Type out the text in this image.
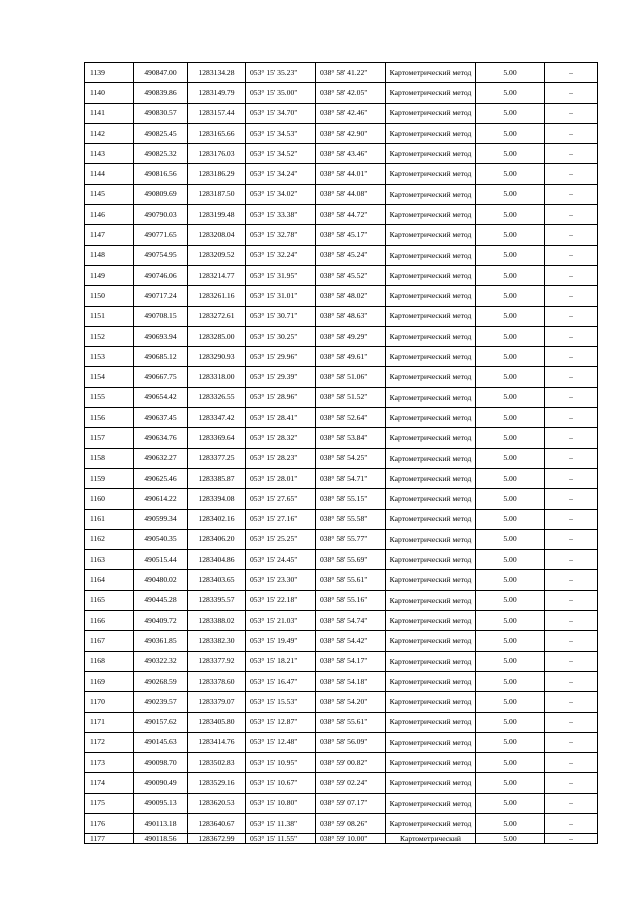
1139	490847.00	1283134.28	053° 15' 35.23"	038° 58' 41.22"	Картометрический метод	5.00	–
1140	490839.86	1283149.79	053° 15' 35.00"	038° 58' 42.05"	Картометрический метод	5.00	–
1141	490830.57	1283157.44	053° 15' 34.70"	038° 58' 42.46"	Картометрический метод	5.00	–
1142	490825.45	1283165.66	053° 15' 34.53"	038° 58' 42.90"	Картометрический метод	5.00	–
1143	490825.32	1283176.03	053° 15' 34.52"	038° 58' 43.46"	Картометрический метод	5.00	–
1144	490816.56	1283186.29	053° 15' 34.24"	038° 58' 44.01"	Картометрический метод	5.00	–
1145	490809.69	1283187.50	053° 15' 34.02"	038° 58' 44.08"	Картометрический метод	5.00	–
1146	490790.03	1283199.48	053° 15' 33.38"	038° 58' 44.72"	Картометрический метод	5.00	–
1147	490771.65	1283208.04	053° 15' 32.78"	038° 58' 45.17"	Картометрический метод	5.00	–
1148	490754.95	1283209.52	053° 15' 32.24"	038° 58' 45.24"	Картометрический метод	5.00	–
1149	490746.06	1283214.77	053° 15' 31.95"	038° 58' 45.52"	Картометрический метод	5.00	–
1150	490717.24	1283261.16	053° 15' 31.01"	038° 58' 48.02"	Картометрический метод	5.00	–
1151	490708.15	1283272.61	053° 15' 30.71"	038° 58' 48.63"	Картометрический метод	5.00	–
1152	490693.94	1283285.00	053° 15' 30.25"	038° 58' 49.29"	Картометрический метод	5.00	–
1153	490685.12	1283290.93	053° 15' 29.96"	038° 58' 49.61"	Картометрический метод	5.00	–
1154	490667.75	1283318.00	053° 15' 29.39"	038° 58' 51.06"	Картометрический метод	5.00	–
1155	490654.42	1283326.55	053° 15' 28.96"	038° 58' 51.52"	Картометрический метод	5.00	–
1156	490637.45	1283347.42	053° 15' 28.41"	038° 58' 52.64"	Картометрический метод	5.00	–
1157	490634.76	1283369.64	053° 15' 28.32"	038° 58' 53.84"	Картометрический метод	5.00	–
1158	490632.27	1283377.25	053° 15' 28.23"	038° 58' 54.25"	Картометрический метод	5.00	–
1159	490625.46	1283385.87	053° 15' 28.01"	038° 58' 54.71"	Картометрический метод	5.00	–
1160	490614.22	1283394.08	053° 15' 27.65"	038° 58' 55.15"	Картометрический метод	5.00	–
1161	490599.34	1283402.16	053° 15' 27.16"	038° 58' 55.58"	Картометрический метод	5.00	–
1162	490540.35	1283406.20	053° 15' 25.25"	038° 58' 55.77"	Картометрический метод	5.00	–
1163	490515.44	1283404.86	053° 15' 24.45"	038° 58' 55.69"	Картометрический метод	5.00	–
1164	490480.02	1283403.65	053° 15' 23.30"	038° 58' 55.61"	Картометрический метод	5.00	–
1165	490445.28	1283395.57	053° 15' 22.18"	038° 58' 55.16"	Картометрический метод	5.00	–
1166	490409.72	1283388.02	053° 15' 21.03"	038° 58' 54.74"	Картометрический метод	5.00	–
1167	490361.85	1283382.30	053° 15' 19.49"	038° 58' 54.42"	Картометрический метод	5.00	–
1168	490322.32	1283377.92	053° 15' 18.21"	038° 58' 54.17"	Картометрический метод	5.00	–
1169	490268.59	1283378.60	053° 15' 16.47"	038° 58' 54.18"	Картометрический метод	5.00	–
1170	490239.57	1283379.07	053° 15' 15.53"	038° 58' 54.20"	Картометрический метод	5.00	–
1171	490157.62	1283405.80	053° 15' 12.87"	038° 58' 55.61"	Картометрический метод	5.00	–
1172	490145.63	1283414.76	053° 15' 12.48"	038° 58' 56.09"	Картометрический метод	5.00	–
1173	490098.70	1283502.83	053° 15' 10.95"	038° 59' 00.82"	Картометрический метод	5.00	–
1174	490090.49	1283529.16	053° 15' 10.67"	038° 59' 02.24"	Картометрический метод	5.00	–
1175	490095.13	1283620.53	053° 15' 10.80"	038° 59' 07.17"	Картометрический метод	5.00	–
1176	490113.18	1283640.67	053° 15' 11.38"	038° 59' 08.26"	Картометрический метод	5.00	–
1177	490118.56	1283672.99	053° 15' 11.55"	038° 59' 10.00"	Картометрический	5.00	–
